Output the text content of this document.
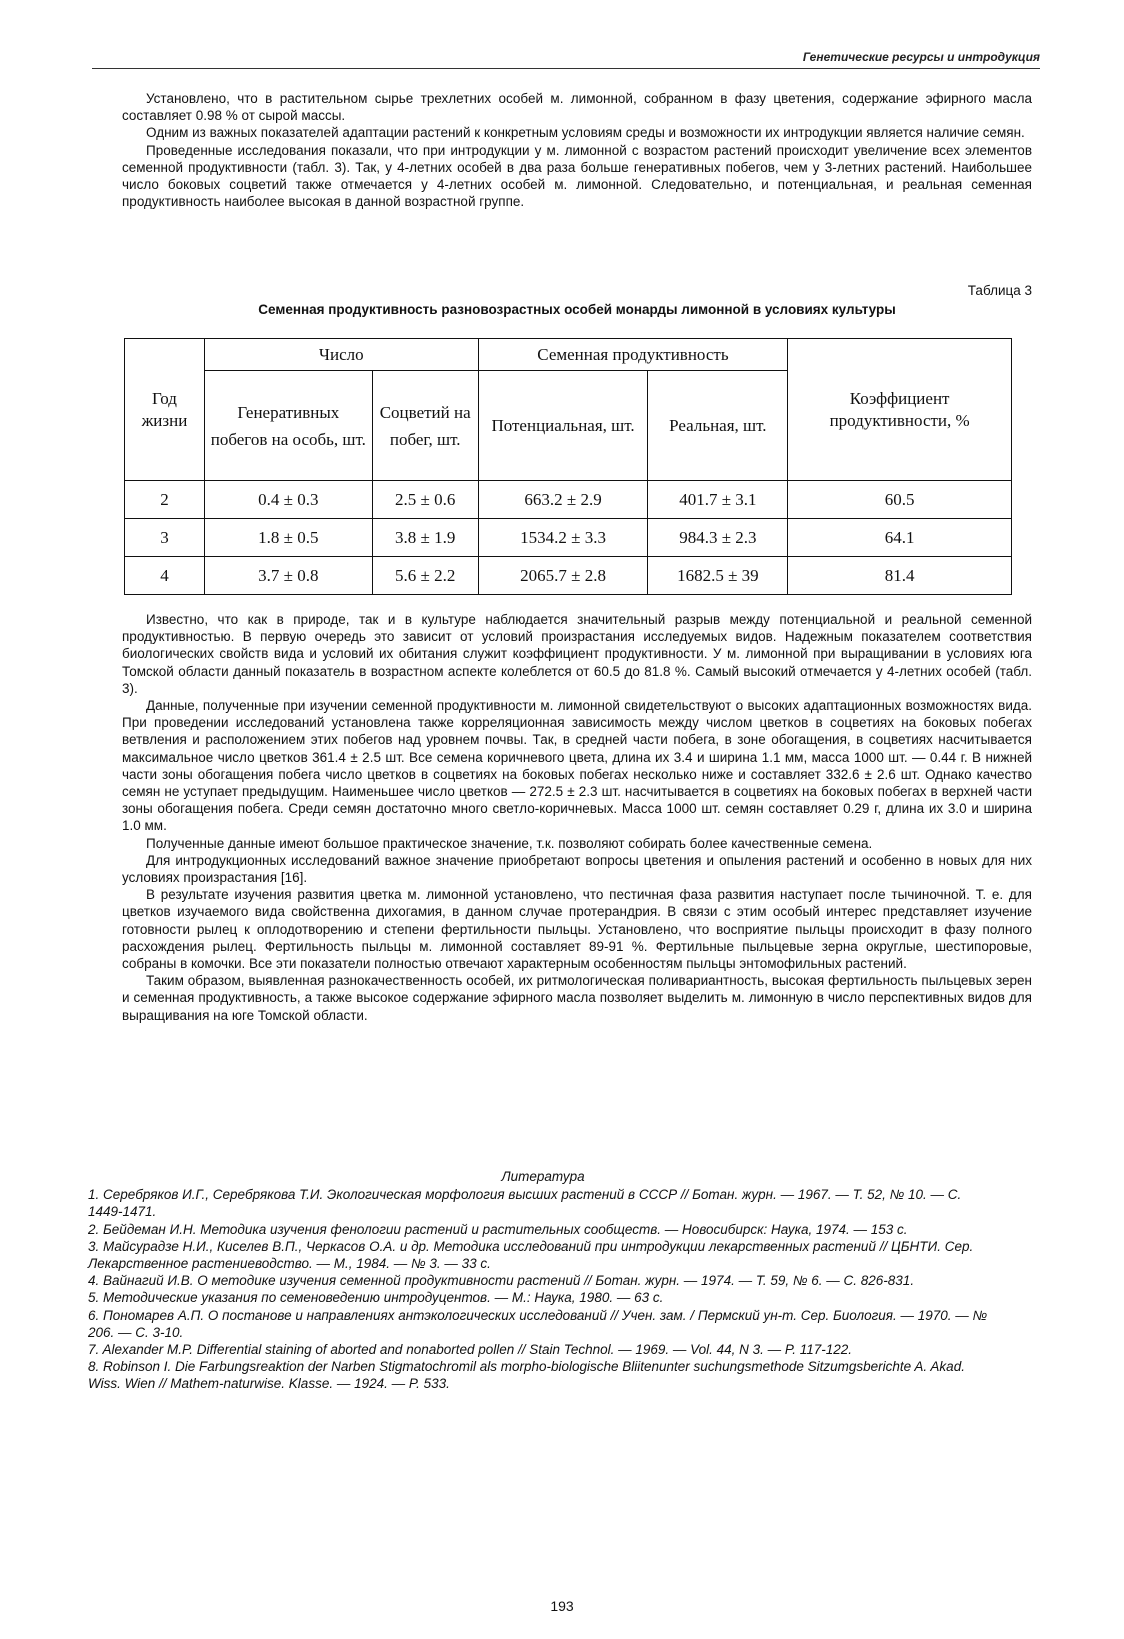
Генетические ресурсы и интродукция

Установлено, что в растительном сырье трехлетних особей м. лимонной, собранном в фазу цветения, содержание эфирного масла составляет 0.98 % от сырой массы.

Одним из важных показателей адаптации растений к конкретным условиям среды и возможности их интродукции является наличие семян.

Проведенные исследования показали, что при интродукции у м. лимонной с возрастом растений происходит увеличение всех элементов семенной продуктивности (табл. 3). Так, у 4-летних особей в два раза больше генеративных побегов, чем у 3-летних растений. Наибольшее число боковых соцветий также отмечается у 4-летних особей м. лимонной. Следовательно, и потенциальная, и реальная семенная продуктивность наиболее высокая в данной возрастной группе.

Таблица 3
Семенная продуктивность разновозрастных особей монарды лимонной в условиях культуры
Год жизни	Число		Семенная продуктивность		Коэффициент продуктивности, %
	Генеративных побегов на особь, шт.	Соцветий на побег, шт.	Потенциальная, шт.	Реальная, шт.	
2	0.4 ± 0.3	2.5 ± 0.6	663.2 ± 2.9	401.7 ± 3.1	60.5
3	1.8 ± 0.5	3.8 ± 1.9	1534.2 ± 3.3	984.3 ± 2.3	64.1
4	3.7 ± 0.8	5.6 ± 2.2	2065.7 ± 2.8	1682.5 ± 39	81.4

Известно, что как в природе, так и в культуре наблюдается значительный разрыв между потенциальной и реальной семенной продуктивностью. В первую очередь это зависит от условий произрастания исследуемых видов. Надежным показателем соответствия биологических свойств вида и условий их обитания служит коэффициент продуктивности. У м. лимонной при выращивании в условиях юга Томской области данный показатель в возрастном аспекте колеблется от 60.5 до 81.8 %. Самый высокий отмечается у 4-летних особей (табл. 3).

Данные, полученные при изучении семенной продуктивности м. лимонной свидетельствуют о высоких адаптационных возможностях вида. При проведении исследований установлена также корреляционная зависимость между числом цветков в соцветиях на боковых побегах ветвления и расположением этих побегов над уровнем почвы. Так, в средней части побега, в зоне обогащения, в соцветиях насчитывается максимальное число цветков 361.4 ± 2.5 шт. Все семена коричневого цвета, длина их 3.4 и ширина 1.1 мм, масса 1000 шт. — 0.44 г. В нижней части зоны обогащения побега число цветков в соцветиях на боковых побегах несколько ниже и составляет 332.6 ± 2.6 шт. Однако качество семян не уступает предыдущим. Наименьшее число цветков — 272.5 ± 2.3 шт. насчитывается в соцветиях на боковых побегах в верхней части зоны обогащения побега. Среди семян достаточно много светло-коричневых. Масса 1000 шт. семян составляет 0.29 г, длина их 3.0 и ширина 1.0 мм.

Полученные данные имеют большое практическое значение, т.к. позволяют собирать более качественные семена.

Для интродукционных исследований важное значение приобретают вопросы цветения и опыления растений и особенно в новых для них условиях произрастания [16].

В результате изучения развития цветка м. лимонной установлено, что пестичная фаза развития наступает после тычиночной. Т. е. для цветков изучаемого вида свойственна дихогамия, в данном случае протерандрия. В связи с этим особый интерес представляет изучение готовности рылец к оплодотворению и степени фертильности пыльцы. Установлено, что восприятие пыльцы происходит в фазу полного расхождения рылец. Фертильность пыльцы м. лимонной составляет 89-91 %. Фертильные пыльцевые зерна округлые, шестипоровые, собраны в комочки. Все эти показатели полностью отвечают характерным особенностям пыльцы энтомофильных растений.

Таким образом, выявленная разнокачественность особей, их ритмологическая поливариантность, высокая фертильность пыльцевых зерен и семенная продуктивность, а также высокое содержание эфирного масла позволяет выделить м. лимонную в число перспективных видов для выращивания на юге Томской области.

Литература
1. Серебряков И.Г., Серебрякова Т.И. Экологическая морфология высших растений в СССР // Ботан. журн. — 1967. — Т. 52, № 10. — С. 1449-1471.
2. Бейдеман И.Н. Методика изучения фенологии растений и растительных сообществ. — Новосибирск: Наука, 1974. — 153 с.
3. Майсурадзе Н.И., Киселев В.П., Черкасов О.А. и др. Методика исследований при интродукции лекарственных растений // ЦБНТИ. Сер. Лекарственное растениеводство. — М., 1984. — № 3. — 33 с.
4. Вайнагий И.В. О методике изучения семенной продуктивности растений // Ботан. журн. — 1974. — Т. 59, № 6. — С. 826-831.
5. Методические указания по семеноведению интродуцентов. — М.: Наука, 1980. — 63 с.
6. Пономарев А.П. О постанове и направлениях антэкологических исследований // Учен. зам. / Пермский ун-т. Сер. Биология. — 1970. — № 206. — С. 3-10.
7. Alexander M.P. Differential staining of aborted and nonaborted pollen // Stain Technol. — 1969. — Vol. 44, N 3. — P. 117-122.
8. Robinson I. Die Farbungsreaktion der Narben Stigmatochromil als morpho-biologische Bliitenunter suchungsmethode Sitzumgsberichte A. Akad. Wiss. Wien // Mathem-naturwise. Klasse. — 1924. — P. 533.
193
